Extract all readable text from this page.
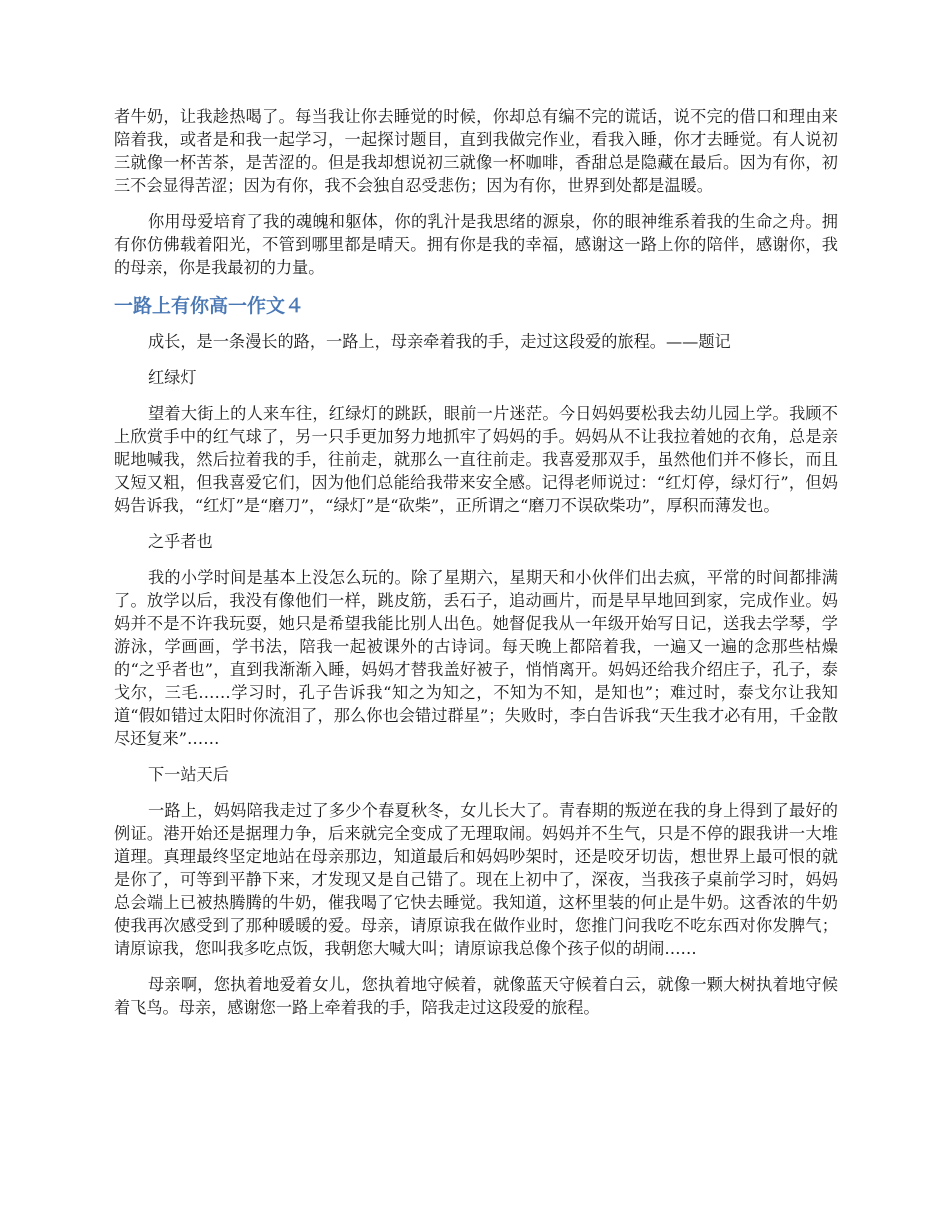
者牛奶，让我趁热喝了。每当我让你去睡觉的时候，你却总有编不完的谎话，说不完的借口和理由来陪着我，或者是和我一起学习，一起探讨题目，直到我做完作业，看我入睡，你才去睡觉。有人说初三就像一杯苦茶，是苦涩的。但是我却想说初三就像一杯咖啡，香甜总是隐藏在最后。因为有你，初三不会显得苦涩；因为有你，我不会独自忍受悲伤；因为有你，世界到处都是温暖。

你用母爱培育了我的魂魄和躯体，你的乳汁是我思绪的源泉，你的眼神维系着我的生命之舟。拥有你仿佛载着阳光，不管到哪里都是晴天。拥有你是我的幸福，感谢这一路上你的陪伴，感谢你，我的母亲，你是我最初的力量。

一路上有你高一作文４

成长，是一条漫长的路，一路上，母亲牵着我的手，走过这段爱的旅程。——题记

红绿灯

望着大街上的人来车往，红绿灯的跳跃，眼前一片迷茫。今日妈妈要松我去幼儿园上学。我顾不上欣赏手中的红气球了，另一只手更加努力地抓牢了妈妈的手。妈妈从不让我拉着她的衣角，总是亲昵地喊我，然后拉着我的手，往前走，就那么一直往前走。我喜爱那双手，虽然他们并不修长，而且又短又粗，但我喜爱它们，因为他们总能给我带来安全感。记得老师说过：“红灯停，绿灯行”，但妈妈告诉我，“红灯”是“磨刀”，“绿灯”是“砍柴”，正所谓之“磨刀不误砍柴功”，厚积而薄发也。

之乎者也

我的小学时间是基本上没怎么玩的。除了星期六，星期天和小伙伴们出去疯，平常的时间都排满了。放学以后，我没有像他们一样，跳皮筋，丢石子，追动画片，而是早早地回到家，完成作业。妈妈并不是不许我玩耍，她只是希望我能比别人出色。她督促我从一年级开始写日记，送我去学琴，学游泳，学画画，学书法，陪我一起被课外的古诗词。每天晚上都陪着我，一遍又一遍的念那些枯燥的“之乎者也”，直到我渐渐入睡，妈妈才替我盖好被子，悄悄离开。妈妈还给我介绍庄子，孔子，泰戈尔，三毛……学习时，孔子告诉我“知之为知之，不知为不知，是知也”；难过时，泰戈尔让我知道“假如错过太阳时你流泪了，那么你也会错过群星”；失败时，李白告诉我“天生我才必有用，千金散尽还复来”……

下一站天后

一路上，妈妈陪我走过了多少个春夏秋冬，女儿长大了。青春期的叛逆在我的身上得到了最好的例证。港开始还是据理力争，后来就完全变成了无理取闹。妈妈并不生气，只是不停的跟我讲一大堆道理。真理最终坚定地站在母亲那边，知道最后和妈妈吵架时，还是咬牙切齿，想世界上最可恨的就是你了，可等到平静下来，才发现又是自己错了。现在上初中了，深夜，当我孩子桌前学习时，妈妈总会端上已被热腾腾的牛奶，催我喝了它快去睡觉。我知道，这杯里装的何止是牛奶。这香浓的牛奶使我再次感受到了那种暖暖的爱。母亲，请原谅我在做作业时，您推门问我吃不吃东西对你发脾气；请原谅我，您叫我多吃点饭，我朝您大喊大叫；请原谅我总像个孩子似的胡闹……

母亲啊，您执着地爱着女儿，您执着地守候着，就像蓝天守候着白云，就像一颗大树执着地守候着飞鸟。母亲，感谢您一路上牵着我的手，陪我走过这段爱的旅程。
